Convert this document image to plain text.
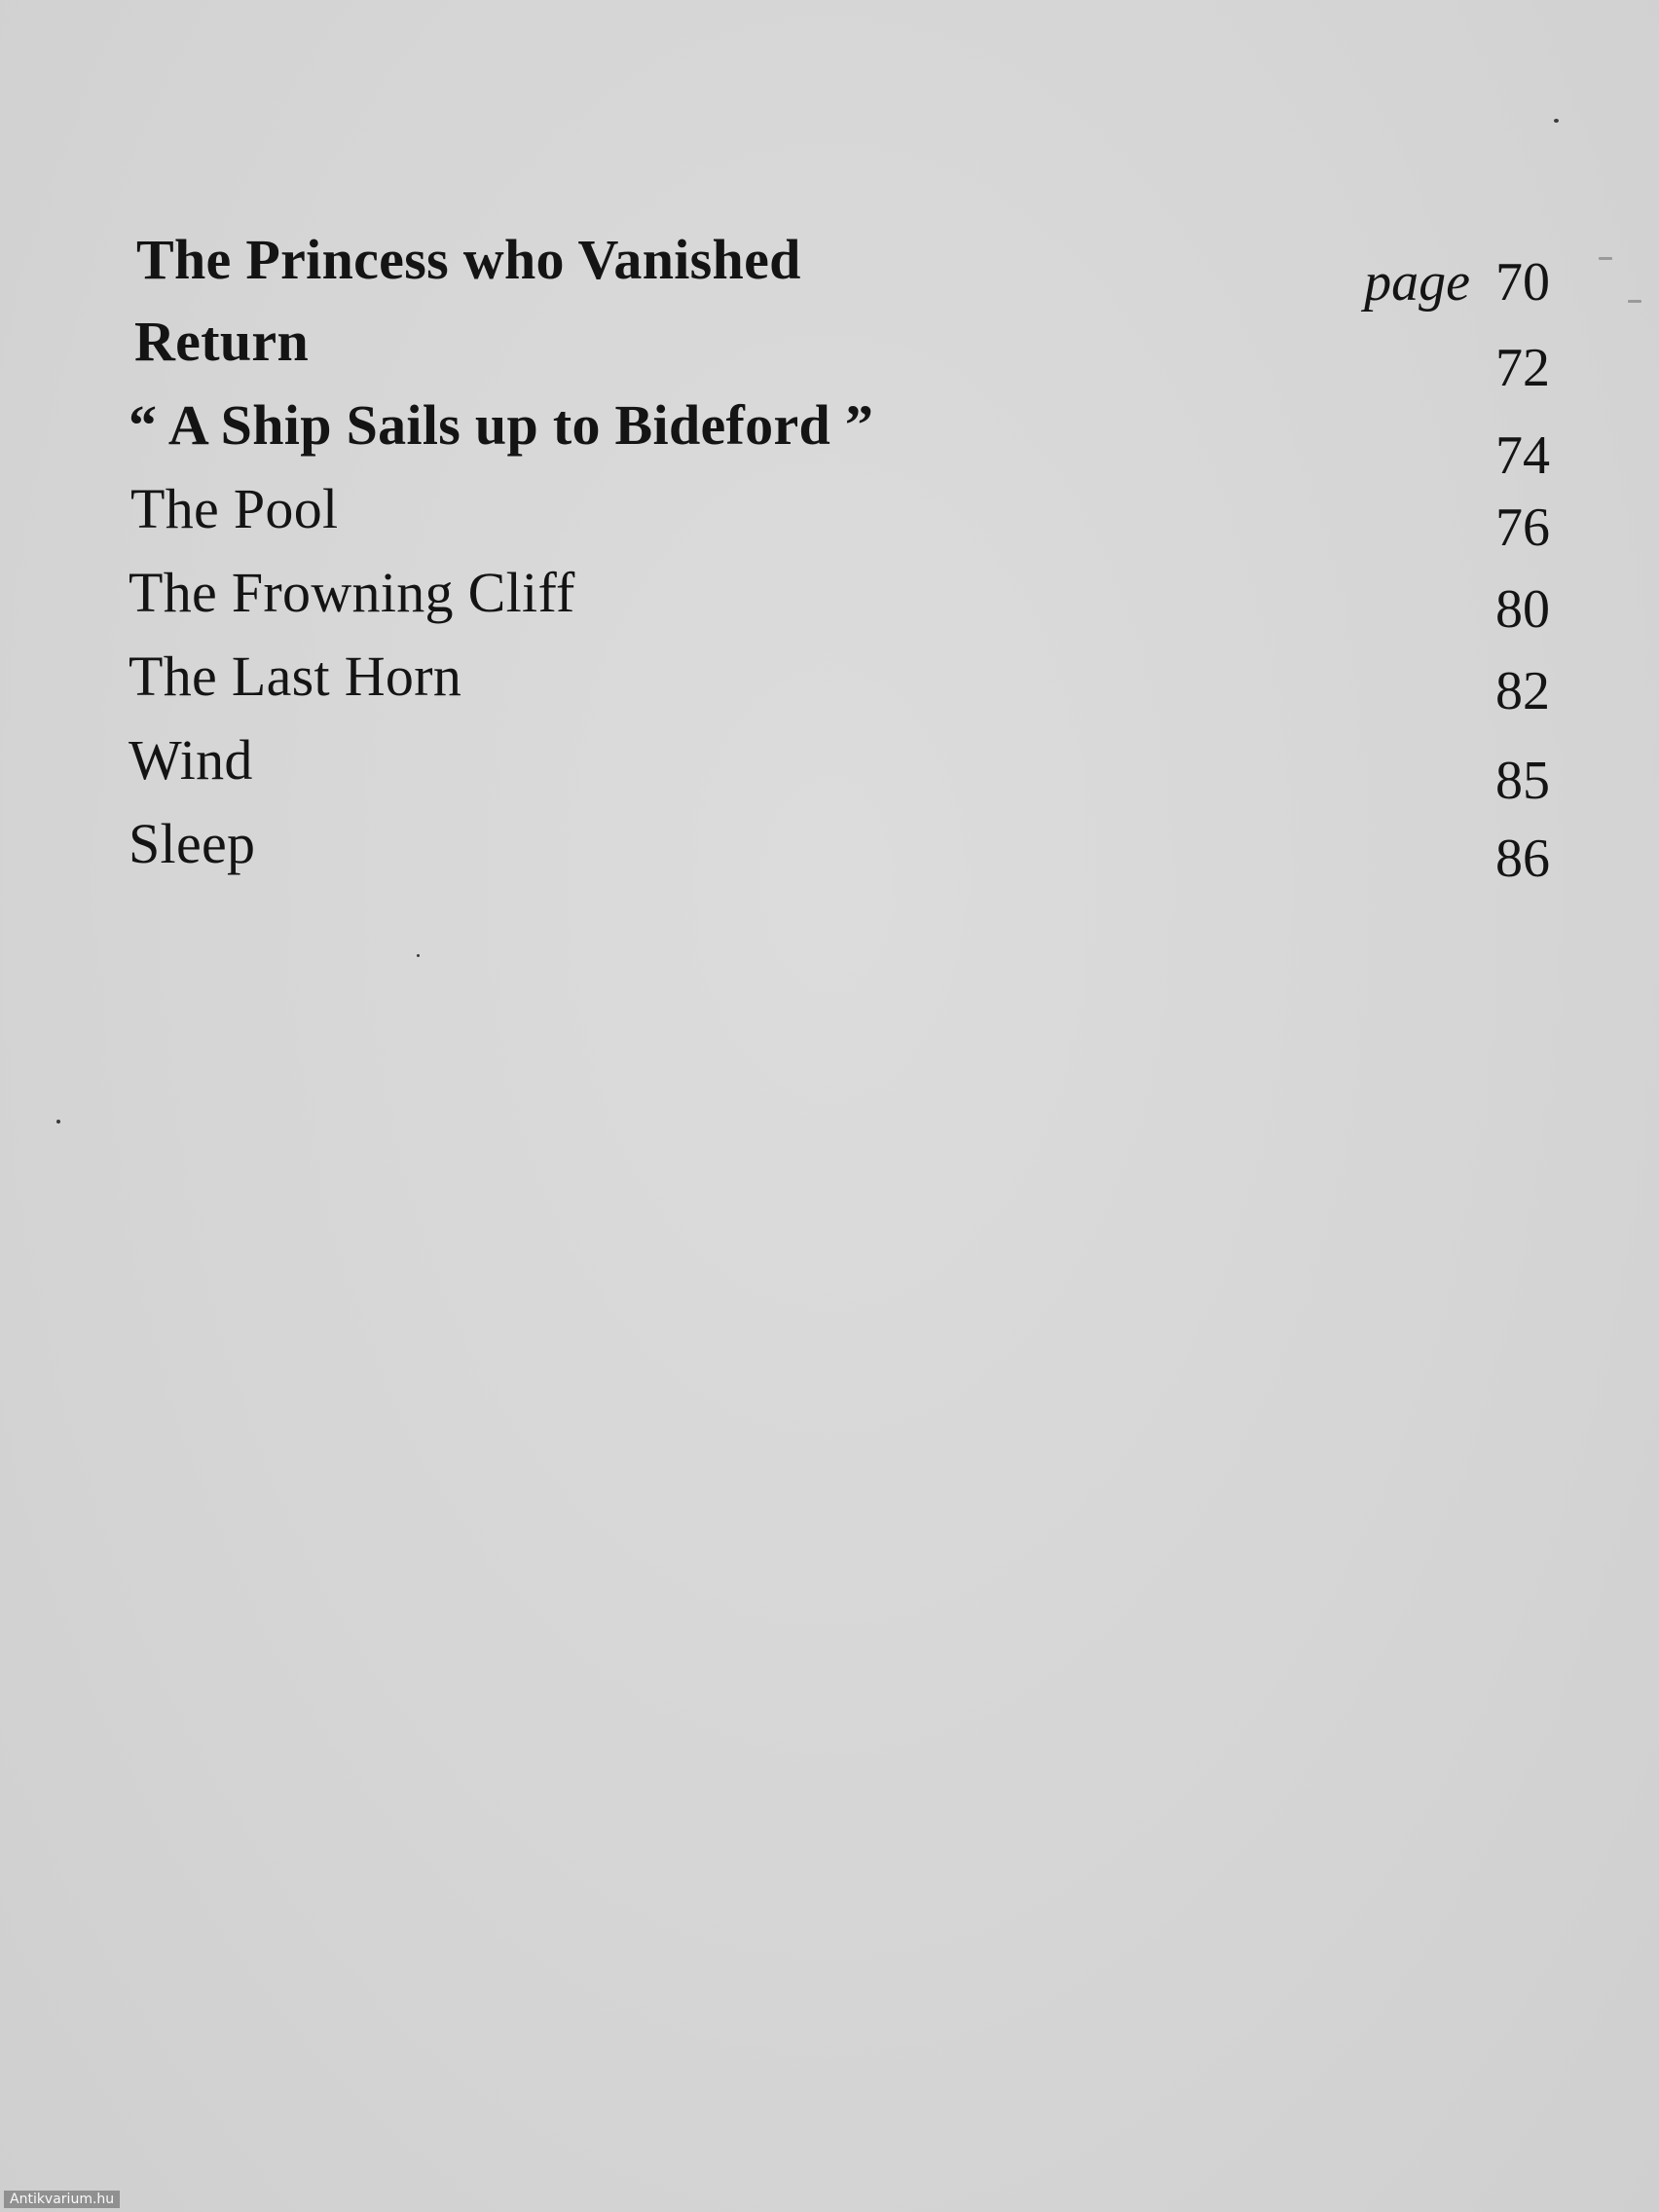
The Princess who Vanished	page 70
Return	72
“ A Ship Sails up to Bideford ”	74
The Pool	76
The Frowning Cliff	80
The Last Horn	82
Wind	85
Sleep	86
Antikvarium.hu
